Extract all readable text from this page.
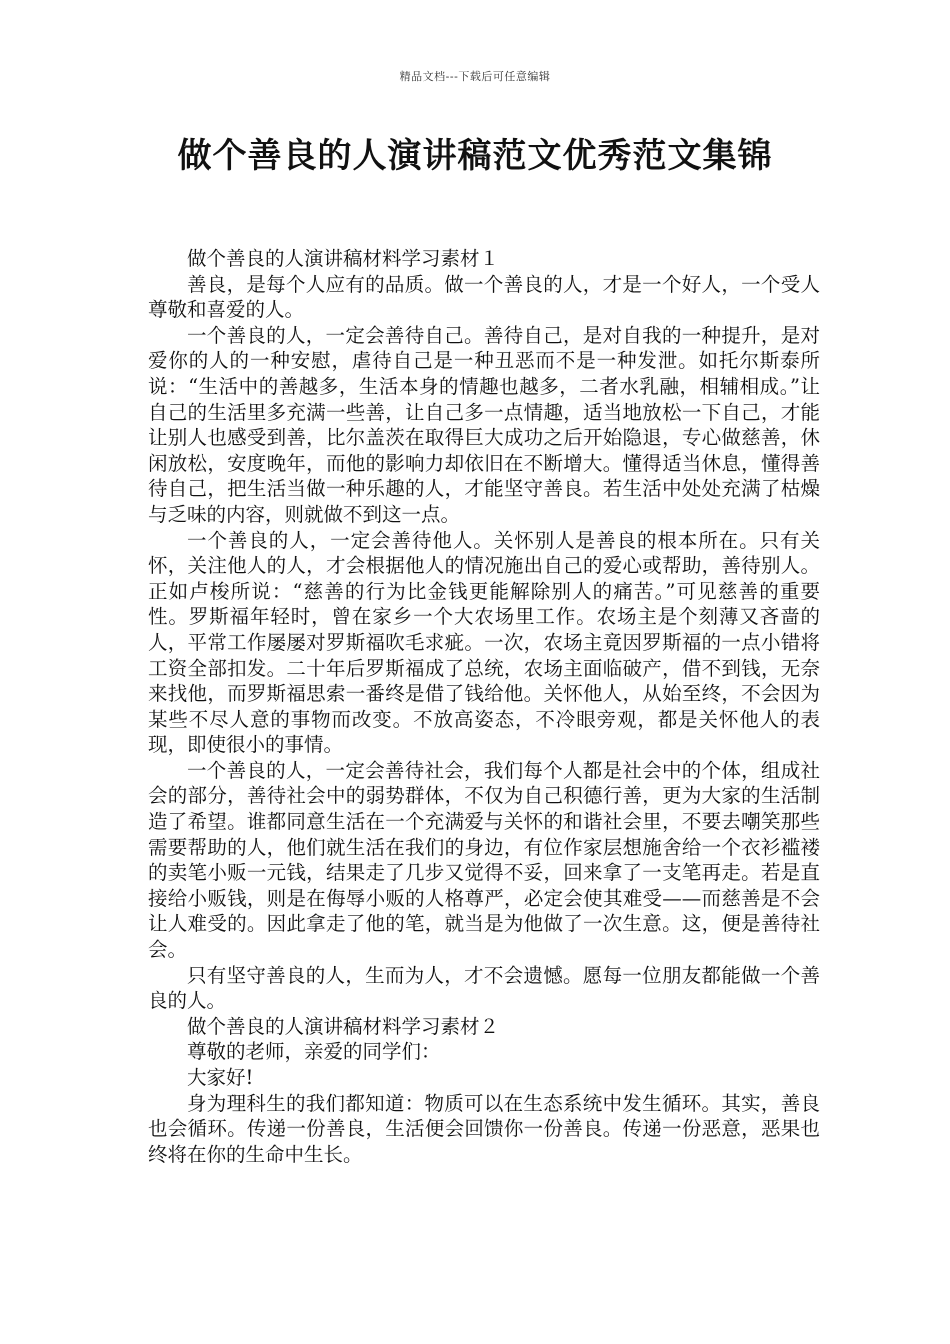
精品文档---下载后可任意编辑
做个善良的人演讲稿范文优秀范文集锦

做个善良的人演讲稿材料学习素材１

善良，是每个人应有的品质。做一个善良的人，才是一个好人，一个受人尊敬和喜爱的人。

一个善良的人，一定会善待自己。善待自己，是对自我的一种提升，是对爱你的人的一种安慰，虐待自己是一种丑恶而不是一种发泄。如托尔斯泰所说：“生活中的善越多，生活本身的情趣也越多，二者水乳融，相辅相成。”让自己的生活里多充满一些善，让自己多一点情趣，适当地放松一下自己，才能让别人也感受到善，比尔盖茨在取得巨大成功之后开始隐退，专心做慈善，休闲放松，安度晚年，而他的影响力却依旧在不断增大。懂得适当休息，懂得善待自己，把生活当做一种乐趣的人，才能坚守善良。若生活中处处充满了枯燥与乏味的内容，则就做不到这一点。

一个善良的人，一定会善待他人。关怀别人是善良的根本所在。只有关怀，关注他人的人，才会根据他人的情况施出自己的爱心或帮助，善待别人。正如卢梭所说：“慈善的行为比金钱更能解除别人的痛苦。”可见慈善的重要性。罗斯福年轻时，曾在家乡一个大农场里工作。农场主是个刻薄又吝啬的人，平常工作屡屡对罗斯福吹毛求疵。一次，农场主竟因罗斯福的一点小错将工资全部扣发。二十年后罗斯福成了总统，农场主面临破产，借不到钱，无奈来找他，而罗斯福思索一番终是借了钱给他。关怀他人，从始至终，不会因为某些不尽人意的事物而改变。不放高姿态，不冷眼旁观，都是关怀他人的表现，即使很小的事情。

一个善良的人，一定会善待社会，我们每个人都是社会中的个体，组成社会的部分，善待社会中的弱势群体，不仅为自己积德行善，更为大家的生活制造了希望。谁都同意生活在一个充满爱与关怀的和谐社会里，不要去嘲笑那些需要帮助的人，他们就生活在我们的身边，有位作家层想施舍给一个衣衫褴褛的卖笔小贩一元钱，结果走了几步又觉得不妥，回来拿了一支笔再走。若是直接给小贩钱，则是在侮辱小贩的人格尊严，必定会使其难受——而慈善是不会让人难受的。因此拿走了他的笔，就当是为他做了一次生意。这，便是善待社会。

只有坚守善良的人，生而为人，才不会遗憾。愿每一位朋友都能做一个善良的人。

做个善良的人演讲稿材料学习素材２

尊敬的老师，亲爱的同学们：

大家好!

身为理科生的我们都知道：物质可以在生态系统中发生循环。其实，善良也会循环。传递一份善良，生活便会回馈你一份善良。传递一份恶意，恶果也终将在你的生命中生长。
